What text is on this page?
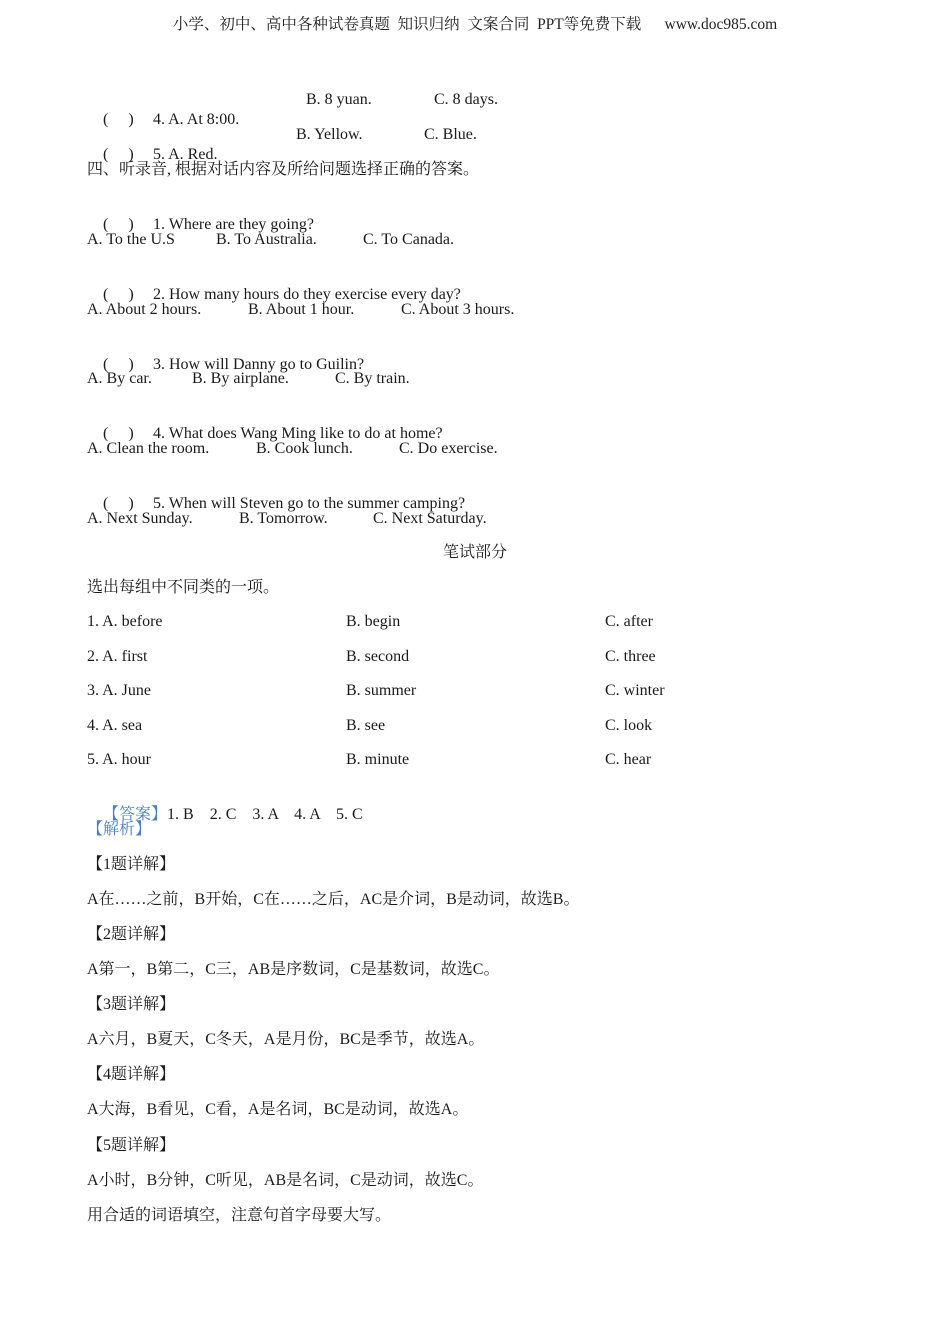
小学、初中、高中各种试卷真题  知识归纳  文案合同  PPT等免费下载      www.doc985.com

(     ) 4. A. At 8:00.

B. 8 yuan.	C. 8 days.

(     ) 5. A. Red.

B. Yellow.	C. Blue.
四、听录音, 根据对话内容及所给问题选择正确的答案。

(     ) 1. Where are they going?

A. To the U.S	B. To Australia.	C. To Canada.

(     ) 2. How many hours do they exercise every day?

A. About 2 hours.	B. About 1 hour.	C. About 3 hours.

(     ) 3. How will Danny go to Guilin?

A. By car.	B. By airplane.	C. By train.

(     ) 4. What does Wang Ming like to do at home?

A. Clean the room.	B. Cook lunch.	C. Do exercise.

(     ) 5. When will Steven go to the summer camping?

A. Next Sunday.	B. Tomorrow.	C. Next Saturday.
笔试部分
选出每组中不同类的一项。
1. A. before	B. begin	C. after
2. A. first	B. second	C. three
3. A. June	B. summer	C. winter
4. A. sea	B. see	C. look
5. A. hour	B. minute	C. hear

【答案】1. B    2. C    3. A    4. A    5. C

【解析】
【1题详解】
A在……之前，B开始，C在……之后，AC是介词，B是动词，故选B。
【2题详解】
A第一，B第二，C三，AB是序数词，C是基数词，故选C。
【3题详解】
A六月，B夏天，C冬天，A是月份，BC是季节，故选A。
【4题详解】
A大海，B看见，C看，A是名词，BC是动词，故选A。
【5题详解】
A小时，B分钟，C听见，AB是名词，C是动词，故选C。
用合适的词语填空，注意句首字母要大写。
